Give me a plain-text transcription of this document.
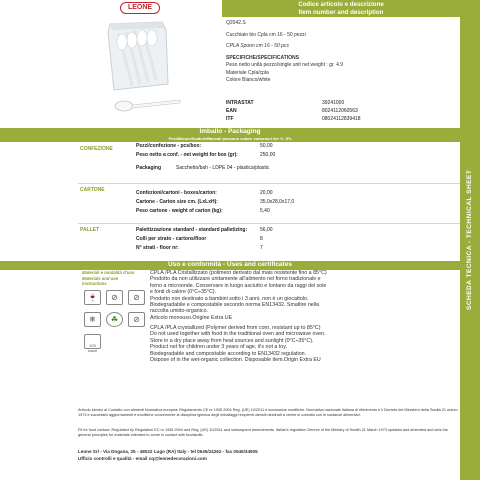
LEONE	Codice articolo e descrizione
Item number and description
Q2042.S
Cucchiaio bio Cpla cm 16 - 50 pezzi
CPLA Spoon cm 16 - 50 pcs
SPECIFICHE/SPECIFICATIONS
Peso netto unità pezzo/single unit net weight : gr. 4.9
Materiale Cpla/cpla
Colore Bianco/white
INTRASTAT	39241000
EAN	8024112060563
ITF	08024112839418
Imballo - Packaging
Pesi/Misure/Scatole/Bancali possono subire variazioni del +/- 5%
CONFEZIONE	Pezzi/confezione - pcs/box:	50,00
Peso netto a conf. - net weight for box (gr):	250,00
Packaging	Sacchetto/bah - LDPE 04 - plastica/plastic
CARTONE	Confezioni/cartoni - boxes/carton:	20,00
Cartone - Carton size cm. (LxLxH):	35,0x28,0x17,0
Peso cartone - weight of carton (kg):	5,40
PALLET	Palettizzazione standard - standard palletizing:	56,00
Colli per strato - cartons/floor	8
N° strati - floor nr:	7
Uso e conformità - Uses and certificates
Materiali e modalità d'uso
Materials and use instructions
🍷	⊘	⊘
❄	☘	⊘
100 wave
CPLA /PLA Cristallizzato (polimero derivato dal mais resistente fino a 85°C)
Prodotto da non utilizzare unitamente all'alimento nel forno tradizionale e
forno a microonde. Conservare in luogo asciutto e lontano da raggi del sole
e fonti di calore (0°C÷35°C).
Prodotto non destinato a bambini sotto i 3 anni, non è un giocattolo.
Biodegradabile e compostabile secondo norma EN13432. Smaltire nella
raccolta umido-organico.
Articolo monouso.Origine Extra UE
CPLA /PLA crystallized (Polymer derived from corn, resistant up to 85°C)
Do not used together with food in the traditional oven and microwave oven.
Store in a dry place away from heat sources and sunlight (0°C÷35°C).
Product not for children under 3 years of age, it's not a toy.
Biodegradable and compostable according to EN13432 regulation.
Dispose of in the wet-organic collection. Disposable item.Origin Extra EU
Articolo idoneo al Contatto con alimenti Normativa europea: Regolamento CE nr 1935 2004 Reg. (UE) 10/2011 e successive modifiche. Normativa nazionale italiana di riferimento è il Decreto del Ministero della Sanità 21 marzo 1973 e successivi aggiornamenti e modifiche concernente la disciplina igienica degli imballaggi recipienti utensili destinati a venire in contatto con le sostanze alimentari.
Fit for food contact. Regulated by Regulation EC nr 1935 2004 and Reg. (UE) 10/2011 and subsequent amendments. Italian's regulation Decree of the Ministry of Health 21 March 1973 updated and amended and sets the general principles for materials intended to come in contact with foodstuffs.
Leone Srl - Via Dogana, 25 - 48022 Lugo (RA) Italy - tel 0545/24262 - fax 0545/34505
Ufficio controlli e qualità - email cq@leonedecorazioni.com
SCHEDA TECNICA - TECHNICAL SHEET
